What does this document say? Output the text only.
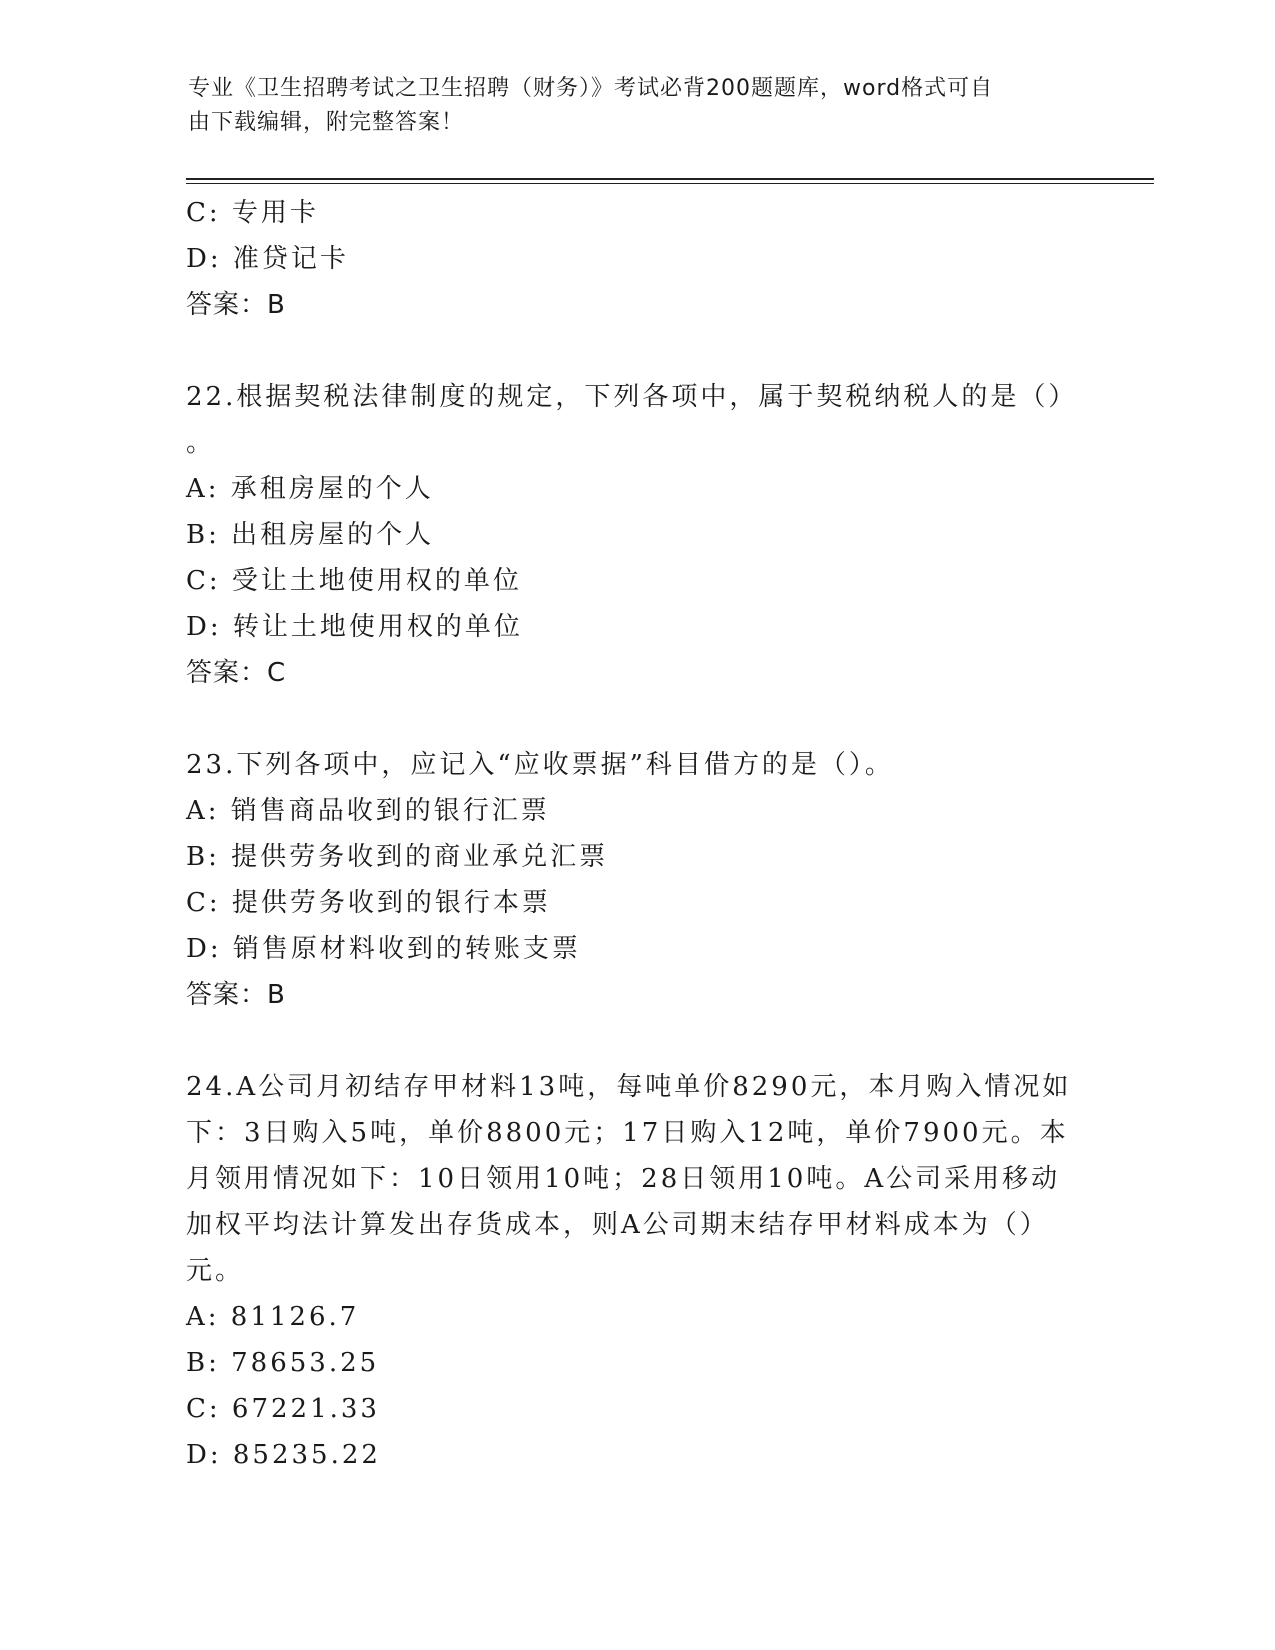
专业《卫生招聘考试之卫生招聘（财务）》考试必背200题题库，word格式可自
由下载编辑，附完整答案！
C: 专用卡
D: 准贷记卡
答案：B
22.根据契税法律制度的规定，下列各项中，属于契税纳税人的是（）
。
A: 承租房屋的个人
B: 出租房屋的个人
C: 受让土地使用权的单位
D: 转让土地使用权的单位
答案：C
23.下列各项中，应记入“应收票据”科目借方的是（）。
A: 销售商品收到的银行汇票
B: 提供劳务收到的商业承兑汇票
C: 提供劳务收到的银行本票
D: 销售原材料收到的转账支票
答案：B
24.A公司月初结存甲材料13吨，每吨单价8290元，本月购入情况如
下：3日购入5吨，单价8800元；17日购入12吨，单价7900元。本
月领用情况如下：10日领用10吨；28日领用10吨。A公司采用移动
加权平均法计算发出存货成本，则A公司期末结存甲材料成本为（）
元。
A: 81126.7
B: 78653.25
C: 67221.33
D: 85235.22
